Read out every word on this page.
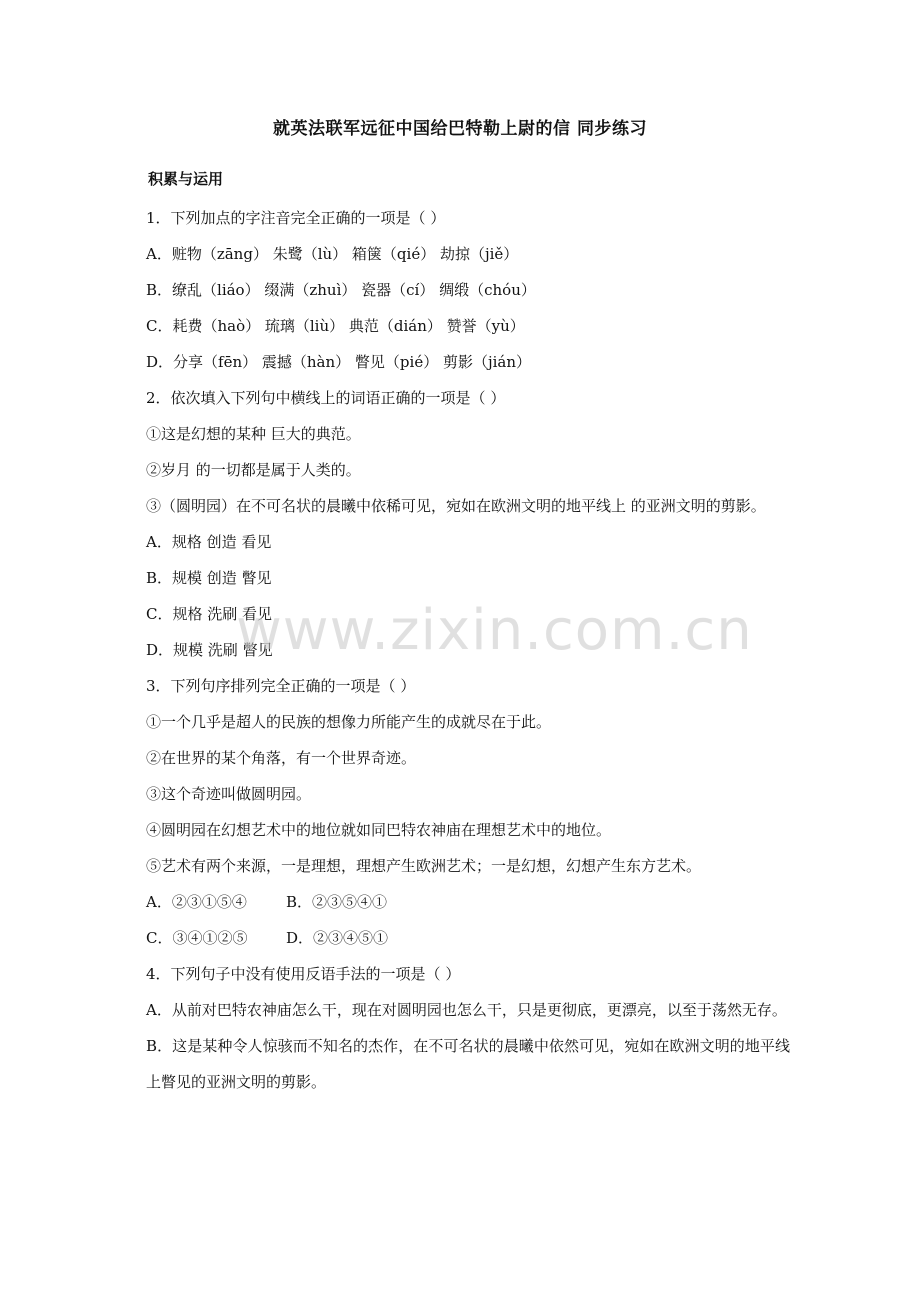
就英法联军远征中国给巴特勒上尉的信 同步练习
积累与运用
1．下列加点的字注音完全正确的一项是（ ）
A．赃物（zāng） 朱鹭（lù） 箱箧（qié） 劫掠（jiě）
B．缭乱（liáo） 缀满（zhuì） 瓷器（cí） 绸缎（chóu）
C．耗费（haò） 琉璃（liù） 典范（dián） 赞誉（yù）
D．分享（fēn） 震撼（hàn） 瞥见（pié） 剪影（jián）
2．依次填入下列句中横线上的词语正确的一项是（ ）
①这是幻想的某种 巨大的典范。
②岁月 的一切都是属于人类的。
③（圆明园）在不可名状的晨曦中依稀可见，宛如在欧洲文明的地平线上 的亚洲文明的剪影。
A．规格 创造 看见
B．规模 创造 瞥见
C．规格 洗刷 看见
D．规模 洗刷 瞥见
3．下列句序排列完全正确的一项是（ ）
①一个几乎是超人的民族的想像力所能产生的成就尽在于此。
②在世界的某个角落，有一个世界奇迹。
③这个奇迹叫做圆明园。
④圆明园在幻想艺术中的地位就如同巴特农神庙在理想艺术中的地位。
⑤艺术有两个来源，一是理想，理想产生欧洲艺术；一是幻想，幻想产生东方艺术。
A．②③①⑤④	B．②③⑤④①
C．③④①②⑤	D．②③④⑤①
4．下列句子中没有使用反语手法的一项是（ ）
A．从前对巴特农神庙怎么干，现在对圆明园也怎么干，只是更彻底，更漂亮，以至于荡然无存。
B．这是某种令人惊骇而不知名的杰作，在不可名状的晨曦中依然可见，宛如在欧洲文明的地平线上瞥见的亚洲文明的剪影。
www.zixin.com.cn
